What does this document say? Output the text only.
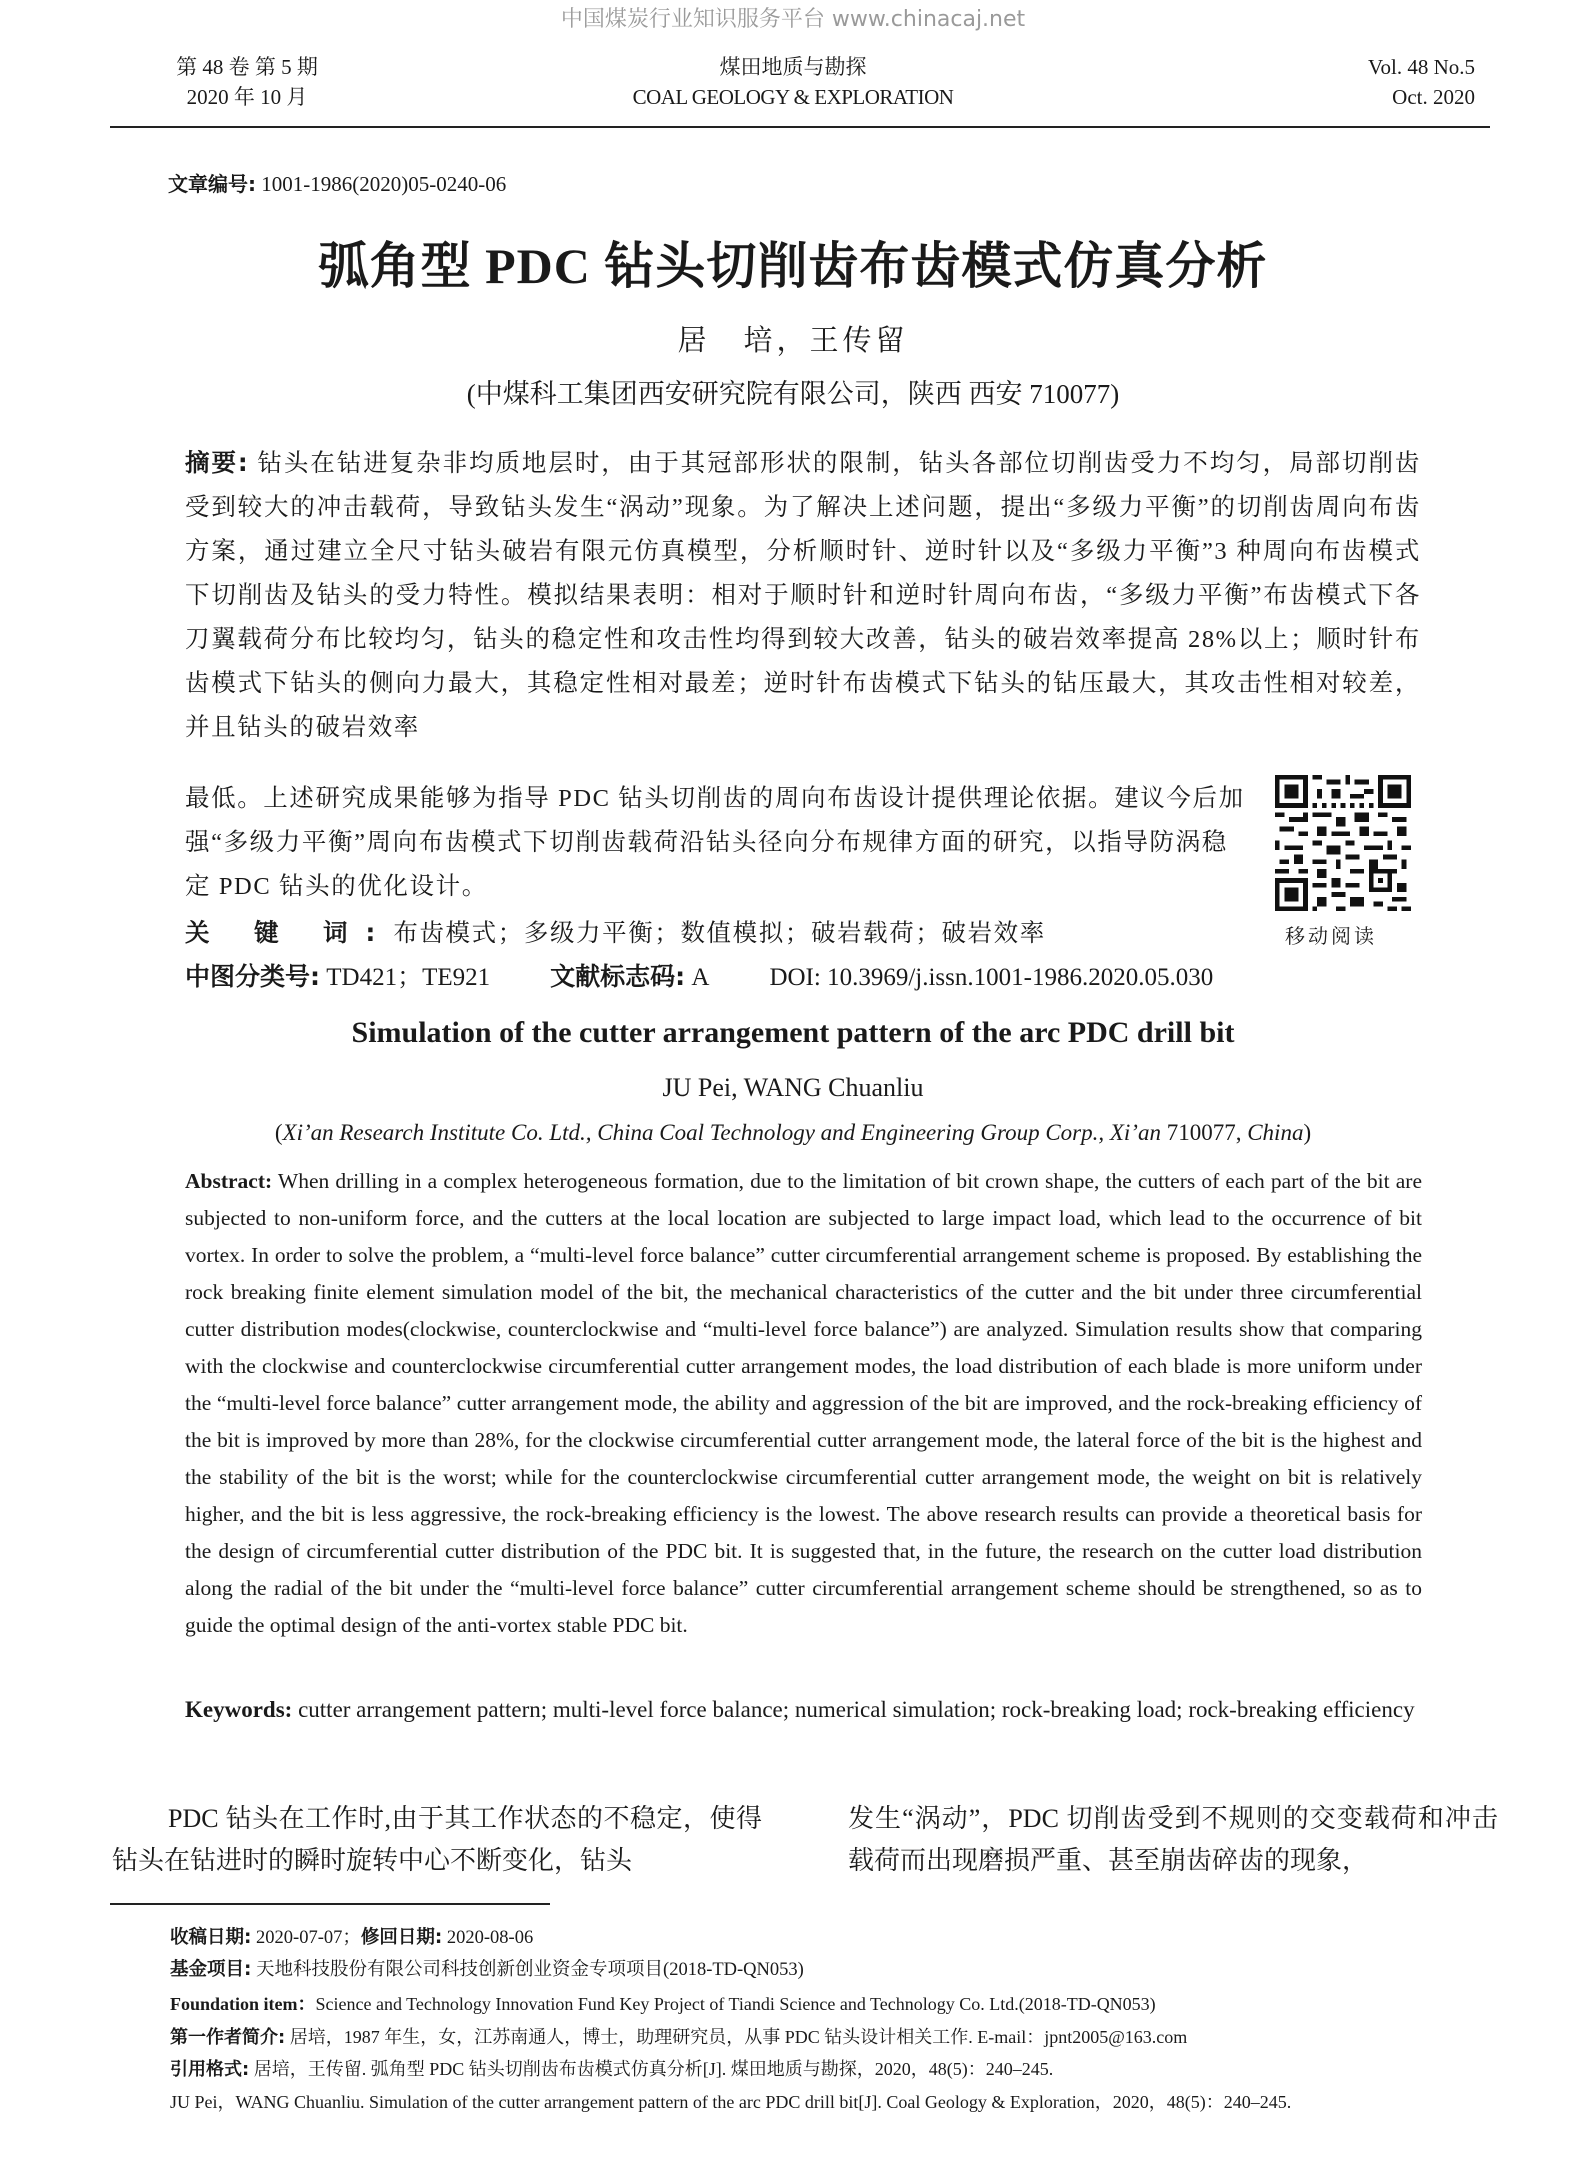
中国煤炭行业知识服务平台 www.chinacaj.net
第 48 卷 第 5 期
2020 年 10 月
煤田地质与勘探
COAL GEOLOGY & EXPLORATION
Vol. 48 No.5
Oct. 2020
文章编号: 1001-1986(2020)05-0240-06
弧角型 PDC 钻头切削齿布齿模式仿真分析
居　培，王传留
(中煤科工集团西安研究院有限公司，陕西 西安 710077)
摘要: 钻头在钻进复杂非均质地层时，由于其冠部形状的限制，钻头各部位切削齿受力不均匀，局部切削齿受到较大的冲击载荷，导致钻头发生“涡动”现象。为了解决上述问题，提出“多级力平衡”的切削齿周向布齿方案，通过建立全尺寸钻头破岩有限元仿真模型，分析顺时针、逆时针以及“多级力平衡”3 种周向布齿模式下切削齿及钻头的受力特性。模拟结果表明：相对于顺时针和逆时针周向布齿，“多级力平衡”布齿模式下各刀翼载荷分布比较均匀，钻头的稳定性和攻击性均得到较大改善，钻头的破岩效率提高 28%以上；顺时针布齿模式下钻头的侧向力最大，其稳定性相对最差；逆时针布齿模式下钻头的钻压最大，其攻击性相对较差，并且钻头的破岩效率
最低。上述研究成果能够为指导 PDC 钻头切削齿的周向布齿设计提供理论依据。建议今后加强“多级力平衡”周向布齿模式下切削齿载荷沿钻头径向分布规律方面的研究，以指导防涡稳定 PDC 钻头的优化设计。
移动阅读
关 键 词:布齿模式；多级力平衡；数值模拟；破岩载荷；破岩效率
中图分类号: TD421；TE921 文献标志码: A DOI: 10.3969/j.issn.1001-1986.2020.05.030
Simulation of the cutter arrangement pattern of the arc PDC drill bit
JU Pei, WANG Chuanliu
(Xi’an Research Institute Co. Ltd., China Coal Technology and Engineering Group Corp., Xi’an 710077, China)
Abstract: When drilling in a complex heterogeneous formation, due to the limitation of bit crown shape, the cutters of each part of the bit are subjected to non-uniform force, and the cutters at the local location are subjected to large impact load, which lead to the occurrence of bit vortex. In order to solve the problem, a “multi-level force balance” cutter circumferential arrangement scheme is proposed. By establishing the rock breaking finite element simulation model of the bit, the mechanical characteristics of the cutter and the bit under three circumferential cutter distribution modes(clockwise, counterclockwise and “multi-level force balance”) are analyzed. Simulation results show that comparing with the clockwise and counterclockwise circumferential cutter arrangement modes, the load distribution of each blade is more uniform under the “multi-level force balance” cutter arrangement mode, the ability and aggression of the bit are improved, and the rock-breaking efficiency of the bit is improved by more than 28%, for the clockwise circumferential cutter arrangement mode, the lateral force of the bit is the highest and the stability of the bit is the worst; while for the counterclockwise circumferential cutter arrangement mode, the weight on bit is relatively higher, and the bit is less aggressive, the rock-breaking efficiency is the lowest. The above research results can provide a theoretical basis for the design of circumferential cutter distribution of the PDC bit. It is suggested that, in the future, the research on the cutter load distribution along the radial of the bit under the “multi-level force balance” cutter circumferential arrangement scheme should be strengthened, so as to guide the optimal design of the anti-vortex stable PDC bit.
Keywords: cutter arrangement pattern; multi-level force balance; numerical simulation; rock-breaking load; rock-breaking efficiency
PDC 钻头在工作时,由于其工作状态的不稳定，使得钻头在钻进时的瞬时旋转中心不断变化，钻头
发生“涡动”，PDC 切削齿受到不规则的交变载荷和冲击载荷而出现磨损严重、甚至崩齿碎齿的现象，
收稿日期: 2020-07-07；修回日期: 2020-08-06
基金项目: 天地科技股份有限公司科技创新创业资金专项项目(2018-TD-QN053)
Foundation item：Science and Technology Innovation Fund Key Project of Tiandi Science and Technology Co. Ltd.(2018-TD-QN053)
第一作者简介: 居培，1987 年生，女，江苏南通人，博士，助理研究员，从事 PDC 钻头设计相关工作. E-mail：jpnt2005@163.com
引用格式: 居培，王传留. 弧角型 PDC 钻头切削齿布齿模式仿真分析[J]. 煤田地质与勘探，2020，48(5)：240–245.
JU Pei，WANG Chuanliu. Simulation of the cutter arrangement pattern of the arc PDC drill bit[J]. Coal Geology & Exploration，2020，48(5)：240–245.
